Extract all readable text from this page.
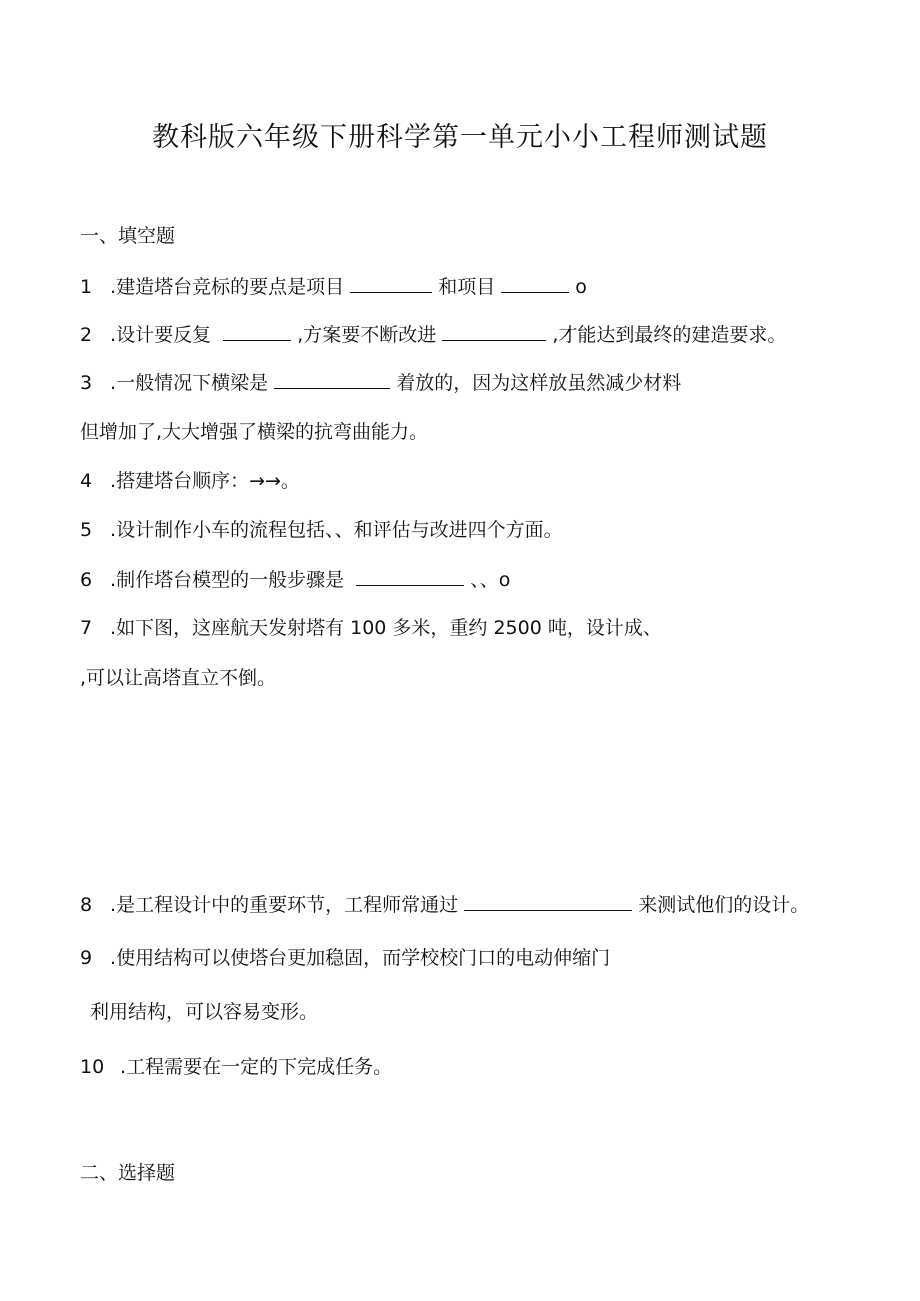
教科版六年级下册科学第一单元小小工程师测试题
一、填空题
1 .建造塔台竞标的要点是项目	和项目	o
2 .设计要反复	,方案要不断改进	,才能达到最终的建造要求。
3 .一般情况下横梁是	着放的，因为这样放虽然减少材料
但增加了,大大增强了横梁的抗弯曲能力。
4 .搭建塔台顺序：→→。
5 .设计制作小车的流程包括、、和评估与改进四个方面。
6 .制作塔台模型的一般步骤是	、、o
7 .如下图，这座航天发射塔有 100 多米，重约 2500 吨，设计成、
,可以让高塔直立不倒。
8 .是工程设计中的重要环节，工程师常通过	来测试他们的设计。
9 .使用结构可以使塔台更加稳固，而学校校门口的电动伸缩门
利用结构，可以容易变形。
10 .工程需要在一定的下完成任务。
二、选择题
